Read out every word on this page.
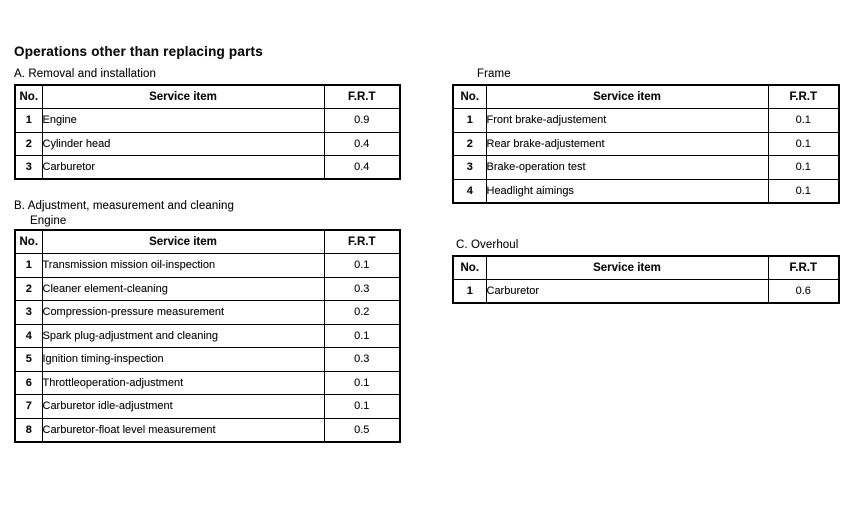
Operations other than replacing parts
A. Removal and installation
No.	Service item	F.R.T
1	Engine	0.9
2	Cylinder head	0.4
3	Carburetor	0.4
B. Adjustment, measurement and cleaning
Engine
No.	Service item	F.R.T
1	Transmission mission oil-inspection	0.1
2	Cleaner element-cleaning	0.3
3	Compression-pressure measurement	0.2
4	Spark plug-adjustment and cleaning	0.1
5	Ignition timing-inspection	0.3
6	Throttleoperation-adjustment	0.1
7	Carburetor idle-adjustment	0.1
8	Carburetor-float level measurement	0.5
Frame
No.	Service item	F.R.T
1	Front brake-adjustement	0.1
2	Rear brake-adjustement	0.1
3	Brake-operation test	0.1
4	Headlight aimings	0.1
C. Overhoul
No.	Service item	F.R.T
1	Carburetor	0.6
